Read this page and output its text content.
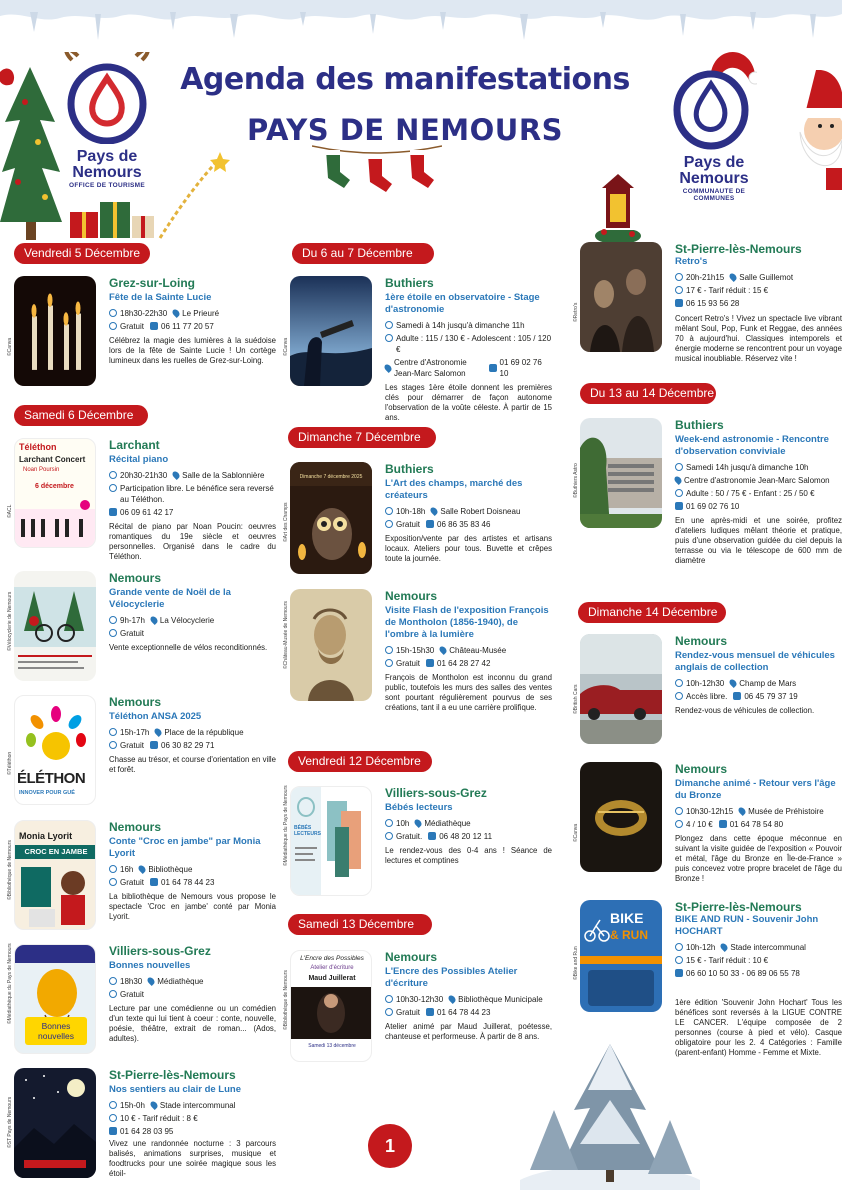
Pays de
Nemours
OFFICE DE TOURISME
Agenda des manifestations
PAYS DE NEMOURS
Pays de
Nemours
COMMUNAUTE DE COMMUNES
Vendredi 5 Décembre
Samedi 6 Décembre
Du 6 au 7 Décembre
Dimanche 7 Décembre
Vendredi 12 Décembre
Samedi 13 Décembre
Du 13 au 14 Décembre
Dimanche 14 Décembre
©Canva
Grez-sur-Loing
Fête de la Sainte Lucie
18h30-22h30 Le Prieuré
Gratuit 06 11 77 20 57
Célébrez la magie des lumières à la suédoise lors de la fête de Sainte Lucie ! Un cortège lumineux dans les ruelles de Grez-sur-Loing.
Téléthon
Larchant Concert
Noan Poursin
6 décembre
©ACL
Larchant
Récital piano
20h30-21h30 Salle de la Sablonnière
Participation libre. Le bénéfice sera reversé au Téléthon.
06 09 61 42 17
Récital de piano par Noan Poucin: oeuvres romantiques du 19e siècle et oeuvres personnelles. Organisé dans le cadre du Téléthon.
©Vélocyclerie de Nemours
Nemours
Grande vente de Noël de la Vélocyclerie
9h-17h La Vélocyclerie
Gratuit
Vente exceptionnelle de vélos reconditionnés.
ÉLÉTHON
INNOVER POUR GUÉ
©Téléthon
Nemours
Téléthon ANSA 2025
15h-17h Place de la république
Gratuit 06 30 82 29 71
Chasse au trésor, et course d'orientation en ville et forêt.
Monia Lyorit
CROC EN JAMBE
©Bibliothèque de Nemours
Nemours
Conte "Croc en jambe" par Monia Lyorit
16h Bibliothèque
Gratuit 01 64 78 44 23
La bibliothèque de Nemours vous propose le spectacle 'Croc en jambe' conté par Monia Lyorit.
Bonnes nouvelles
©Médiathèque du Pays de Nemours	Villiers-sous-Grez
Bonnes nouvelles
18h30 Médiathèque
Gratuit
Lecture par une comédienne ou un comédien d'un texte qui lui tient à coeur : conte, nouvelle, poésie, théâtre, extrait de roman... (Ados, adultes).
©ST Pays de Nemours
St-Pierre-lès-Nemours
Nos sentiers au clair de Lune
15h-0h Stade intercommunal
10 € - Tarif réduit : 8 €
01 64 28 03 95
Vivez une randonnée nocturne : 3 parcours balisés, animations surprises, musique et foodtrucks pour une soirée magique sous les étoil-
©Canva
Buthiers
1ère étoile en observatoire - Stage d'astronomie
Samedi à 14h jusqu'à dimanche 11h
Adulte : 115 / 130 € - Adolescent : 105 / 120 €
Centre d'Astronomie Jean-Marc Salomon
01 69 02 76 10
Les stages 1ère étoile donnent les premières clés pour démarrer de façon autonome l'observation de la voûte céleste. À partir de 15 ans.
Dimanche 7 décembre 2025
©Art des Champs
Buthiers
L'Art des champs, marché des créateurs
10h-18h Salle Robert Doisneau
Gratuit 06 86 35 83 46
Exposition/vente par des artistes et artisans locaux. Ateliers pour tous. Buvette et crêpes toute la journée.
©Château-Musée de Nemours
Nemours
Visite Flash de l'exposition François de Montholon (1856-1940), de l'ombre à la lumière
15h-15h30 Château-Musée
Gratuit 01 64 28 27 42
François de Montholon est inconnu du grand public, toutefois les murs des salles des ventes sont pourtant régulièrement pourvus de ses créations, tant il a eu une carrière prolifique.
BÉBÉS LECTEURS
©Médiathèque du Pays de Nemours	Villiers-sous-Grez
Bébés lecteurs
10h Médiathèque
Gratuit. 06 48 20 12 11
Le rendez-vous des 0-4 ans ! Séance de lectures et comptines
L'Encre des Possibles
Atelier d'écriture
Maud Juillerat
Samedi 13 décembre
©Bibliothèque de Nemours
Nemours
L'Encre des Possibles Atelier d'écriture
10h30-12h30 Bibliothèque Municipale
Gratuit 01 64 78 44 23
Atelier animé par Maud Juillerat, poétesse, chanteuse et performeuse. À partir de 8 ans.
1
©Retro's
St-Pierre-lès-Nemours
Retro's
20h-21h15 Salle Guillemot
17 € - Tarif réduit : 15 €
06 15 93 56 28
Concert Retro's ! Vivez un spectacle live vibrant mêlant Soul, Pop, Funk et Reggae, des années 70 à aujourd'hui. Classiques intemporels et énergie moderne se rencontrent pour un voyage musical inoubliable. Réservez vite !
©Buthiers Astro
Buthiers
Week-end astronomie - Rencontre d'observation conviviale
Samedi 14h jusqu'à dimanche 10h
Centre d'astronomie Jean-Marc Salomon
Adulte : 50 / 75 € - Enfant : 25 / 50 €
01 69 02 76 10
En une après-midi et une soirée, profitez d'ateliers ludiques mêlant théorie et pratique, puis d'une observation guidée du ciel depuis la terrasse ou via le télescope de 600 mm de diamètre
©British Cars
Nemours
Rendez-vous mensuel de véhicules anglais de collection
10h-12h30 Champ de Mars
Accès libre. 06 45 79 37 19
Rendez-vous de véhicules de collection.
©Canva
Nemours
Dimanche animé - Retour vers l'âge du Bronze
10h30-12h15 Musée de Préhistoire
4 / 10 € 01 64 78 54 80
Plongez dans cette époque méconnue en suivant la visite guidée de l'exposition « Pouvoir et métal, l'âge du Bronze en Île-de-France » puis concevez votre propre bracelet de l'âge du Bronze !
BIKE
& RUN
©Bike and Run
St-Pierre-lès-Nemours
BIKE AND RUN - Souvenir John HOCHART
10h-12h Stade intercommunal
15 € - Tarif réduit : 10 €
06 60 10 50 33 - 06 89 06 55 78
1ère édition 'Souvenir John Hochart' Tous les bénéfices sont reversés à la LIGUE CONTRE LE CANCER. L'équipe composée de 2 personnes (course à pied et vélo). Casque obligatoire pour les 2. 4 Catégories : Famille (parent-enfant) Homme - Femme et Mixte.
